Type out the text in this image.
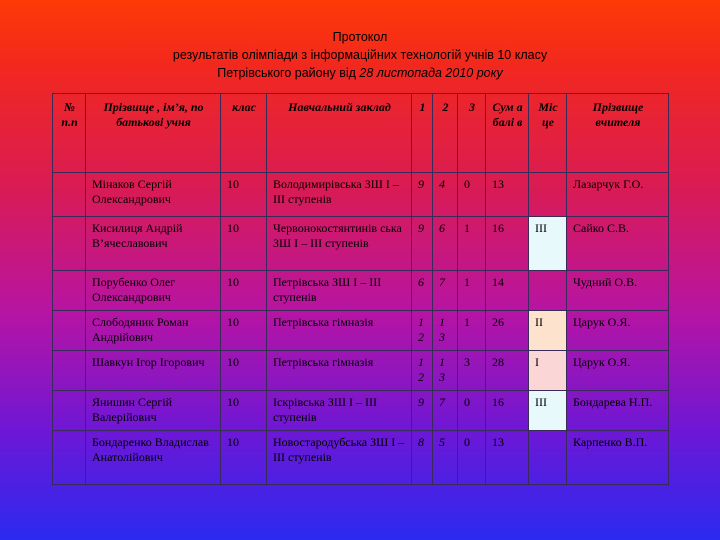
Протокол
результатів олімпіади з інформаційних технологій учнів 10 класу
Петрівського району від 28 листопада 2010 року
№ п.п	Прізвище , ім’я, по батькові учня	клас	Навчальний заклад	1	2	3	Сум а балі в	Міс це	Прізвище вчителя
	Мінаков Сергій Олександрович	10	Володимирівська ЗШ І – ІІІ ступенів	9	4	0	13		Лазарчук Г.О.
	Кисилиця Андрій В’ячеславович	10	Червонокостянтинів ська ЗШ І – ІІІ ступенів	9	6	1	16	ІІІ	Сайко С.В.
	Порубенко Олег Олександрович	10	Петрівська ЗШ І – ІІІ ступенів	6	7	1	14		Чудний О.В.
	Слободяник Роман Андрійович	10	Петрівська гімназія	1 2	1 3	1	26	ІІ	Царук О.Я.
	Шавкун Ігор Ігорович	10	Петрівська гімназія	1 2	1 3	3	28	І	Царук О.Я.
	Янишин Сергій Валерійович	10	Іскрівська ЗШ І – ІІІ ступенів	9	7	0	16	ІІІ	Бондарева Н.П.
	Бондаренко Владислав Анатолійович	10	Новостародубська ЗШ І – ІІІ ступенів	8	5	0	13		Карпенко В.П.
